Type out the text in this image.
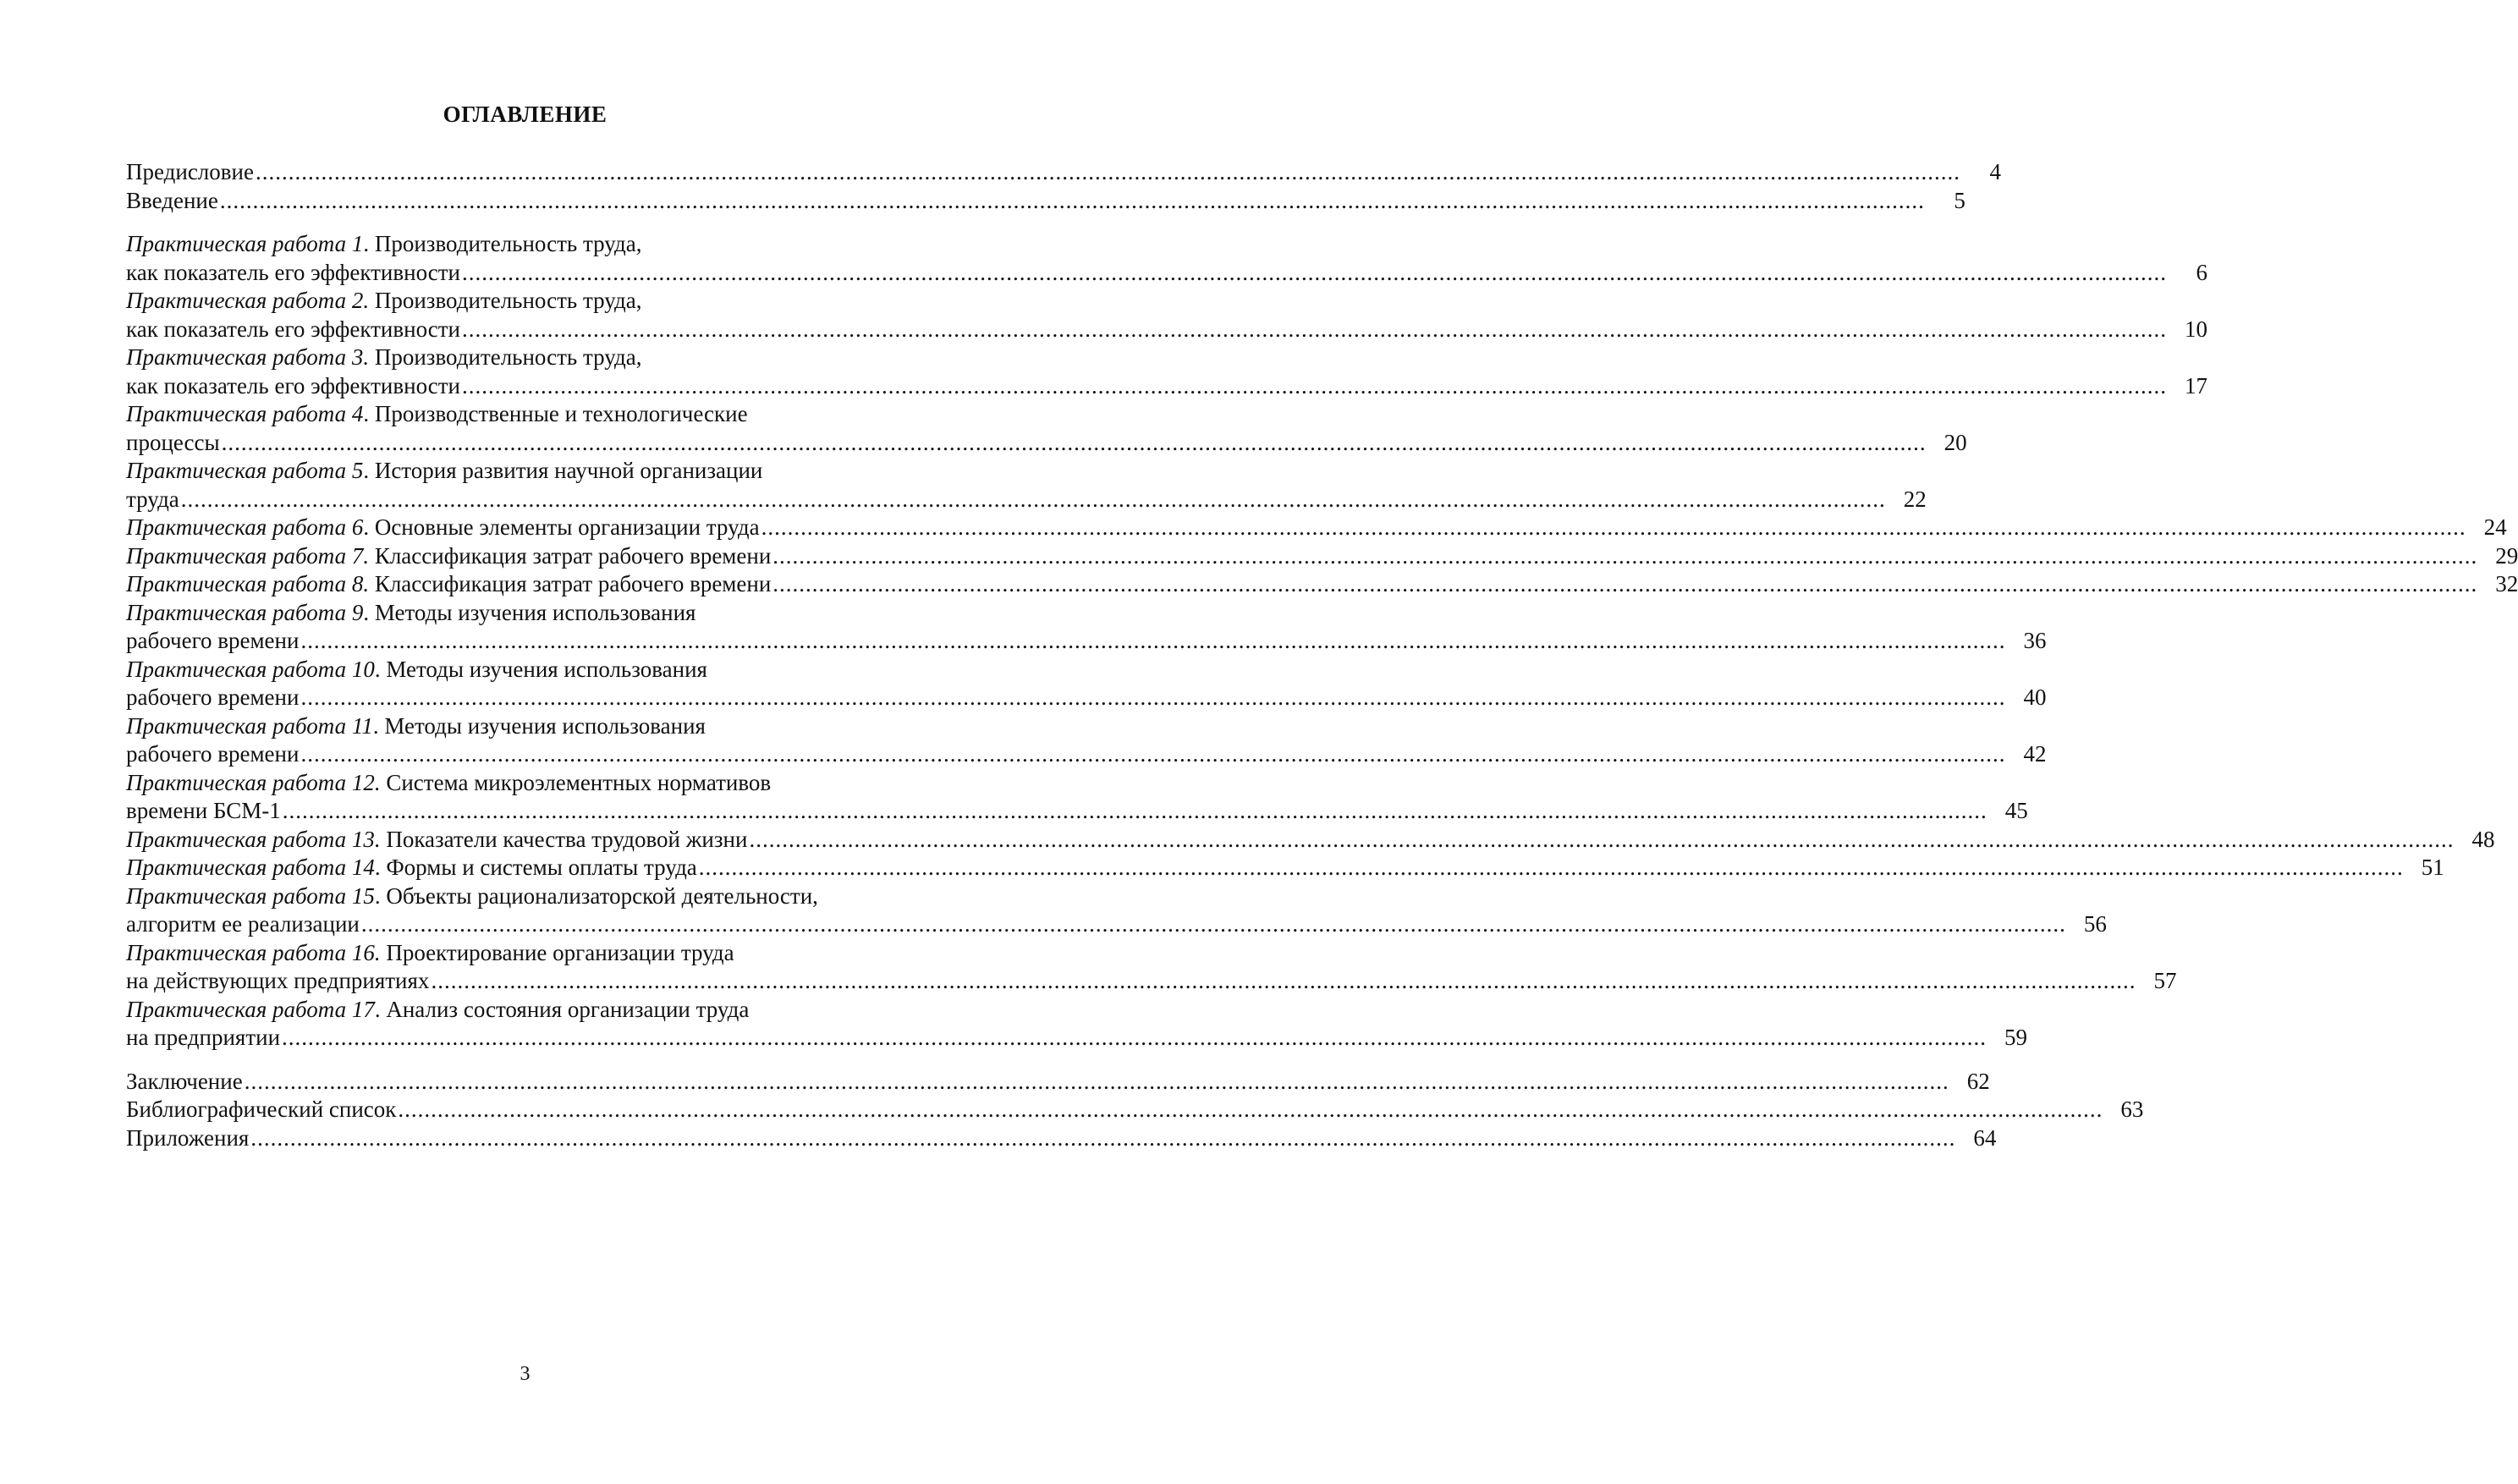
ОГЛАВЛЕНИЕ
Предисловие ....................................................................................................................................................................................................................................................................	4
Введение ....................................................................................................................................................................................................................................................................	5
Практическая работа 1 . Производительность труда,
как показатель его эффективности ....................................................................................................................................................................................................................................................................	6
Практическая работа 2.
Производительность труда,
как показатель его эффективности .................................................................................................................................................................................................................................................................... 10
Практическая работа 3.
Производительность труда,
как показатель его эффективности .................................................................................................................................................................................................................................................................... 17
Практическая работа 4 . Производственные и технологические
процессы .................................................................................................................................................................................................................................................................... 20
Практическая работа 5 . История развития научной организации
труда .................................................................................................................................................................................................................................................................... 22
Практическая работа 6. Основные элементы организации труда .................................................................................................................................................................................................................................................................... 24
Практическая работа 7. Классификация затрат рабочего времени .................................................................................................................................................................................................................................................................... 29
Практическая работа 8. Классификация затрат рабочего времени .................................................................................................................................................................................................................................................................... 32
Практическая работа 9 . Методы изучения использования
рабочего времени .................................................................................................................................................................................................................................................................... 36
Практическая работа 10 . Методы изучения использования
рабочего времени .................................................................................................................................................................................................................................................................... 40
Практическая работа 11 . Методы изучения использования
рабочего времени .................................................................................................................................................................................................................................................................... 42
Практическая работа 12.
Система микроэлементных нормативов
времени БСМ-1 .................................................................................................................................................................................................................................................................... 45
Практическая работа 13. Показатели качества трудовой жизни .................................................................................................................................................................................................................................................................... 48
Практическая работа 14. Формы и системы оплаты труда .................................................................................................................................................................................................................................................................... 51
Практическая работа 15 . Объекты рационализаторской деятельности,
алгоритм ее реализации .................................................................................................................................................................................................................................................................... 56
Практическая работа 16.
Проектирование организации труда
на действующих предприятиях .................................................................................................................................................................................................................................................................... 57
Практическая работа 17 . Анализ состояния организации труда
на предприятии .................................................................................................................................................................................................................................................................... 59
Заключение .................................................................................................................................................................................................................................................................... 62
Библиографический список .................................................................................................................................................................................................................................................................... 63
Приложения .................................................................................................................................................................................................................................................................... 64
3
